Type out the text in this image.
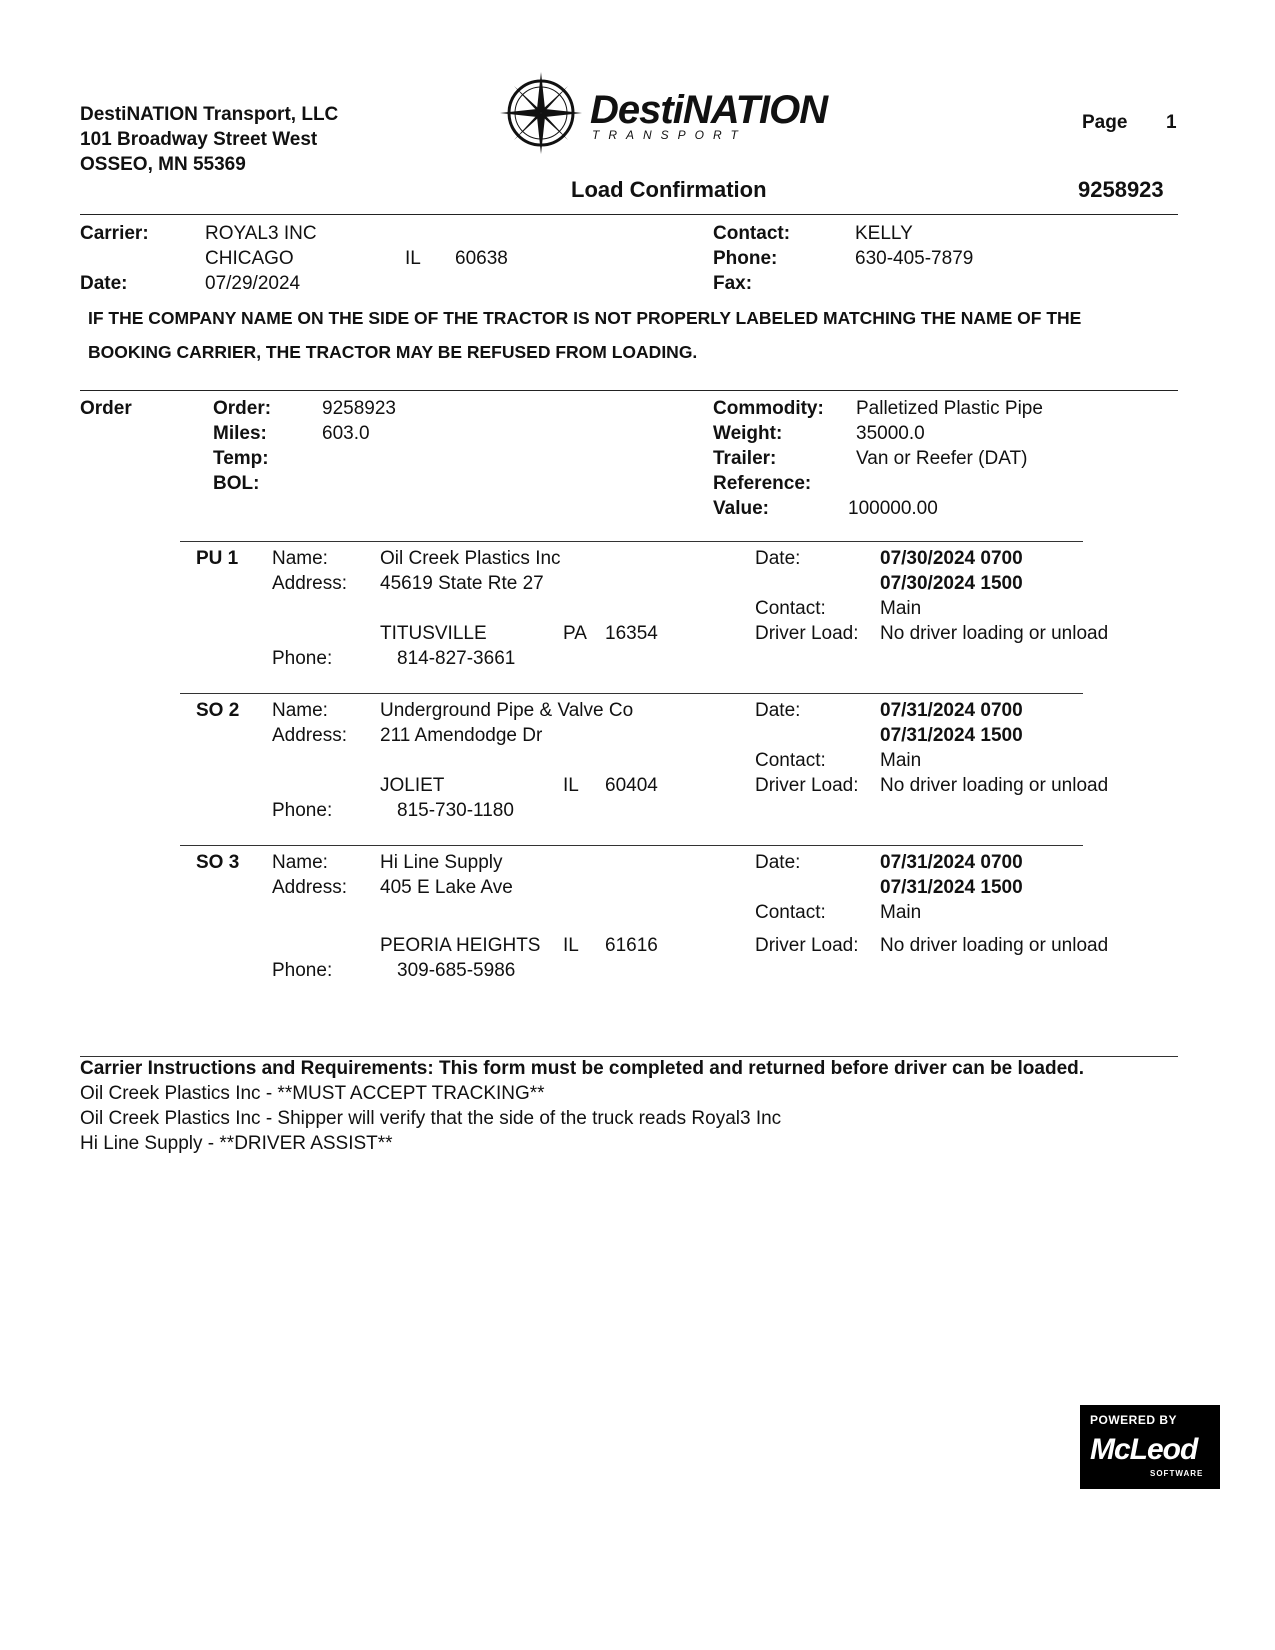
DestiNATION Transport, LLC
101 Broadway Street West
OSSEO, MN 55369
DestiNATION
TRANSPORT
Page 1
Load Confirmation	9258923
Carrier:	ROYAL3 INC
CHICAGO	IL 60638
Date:	07/29/2024
Contact:	KELLY
Phone:	630-405-7879
Fax:
IF THE COMPANY NAME ON THE SIDE OF THE TRACTOR IS NOT PROPERLY LABELED MATCHING THE NAME OF THE
BOOKING CARRIER, THE TRACTOR MAY BE REFUSED FROM LOADING.
Order	Order:	9258923
Miles:	603.0
Temp:
BOL:
Commodity: Palletized Plastic Pipe
Weight:	35000.0
Trailer:	Van or Reefer (DAT)
Reference:
Value:	100000.00
PU 1 Name:	Oil Creek Plastics Inc
Address: 45619 State Rte 27
TITUSVILLE	PA 16354
Phone:	814-827-3661
Date:	07/30/2024 0700
07/30/2024 1500
Contact:	Main
Driver Load: No driver loading or unload
SO 2 Name:	Underground Pipe & Valve Co
Address: 211 Amendodge Dr
JOLIET	IL 60404
Phone:	815-730-1180
Date:	07/31/2024 0700
07/31/2024 1500
Contact:	Main
Driver Load: No driver loading or unload
SO 3 Name:	Hi Line Supply
Address: 405 E Lake Ave
PEORIA HEIGHTS IL 61616
Phone:	309-685-5986
Date:	07/31/2024 0700
07/31/2024 1500
Contact:	Main
Driver Load: No driver loading or unload
Carrier Instructions and Requirements: This form must be completed and returned before driver can be loaded.
Oil Creek Plastics Inc - **MUST ACCEPT TRACKING**
Oil Creek Plastics Inc - Shipper will verify that the side of the truck reads Royal3 Inc
Hi Line Supply - **DRIVER ASSIST**
POWERED BY
McLeod
SOFTWARE
